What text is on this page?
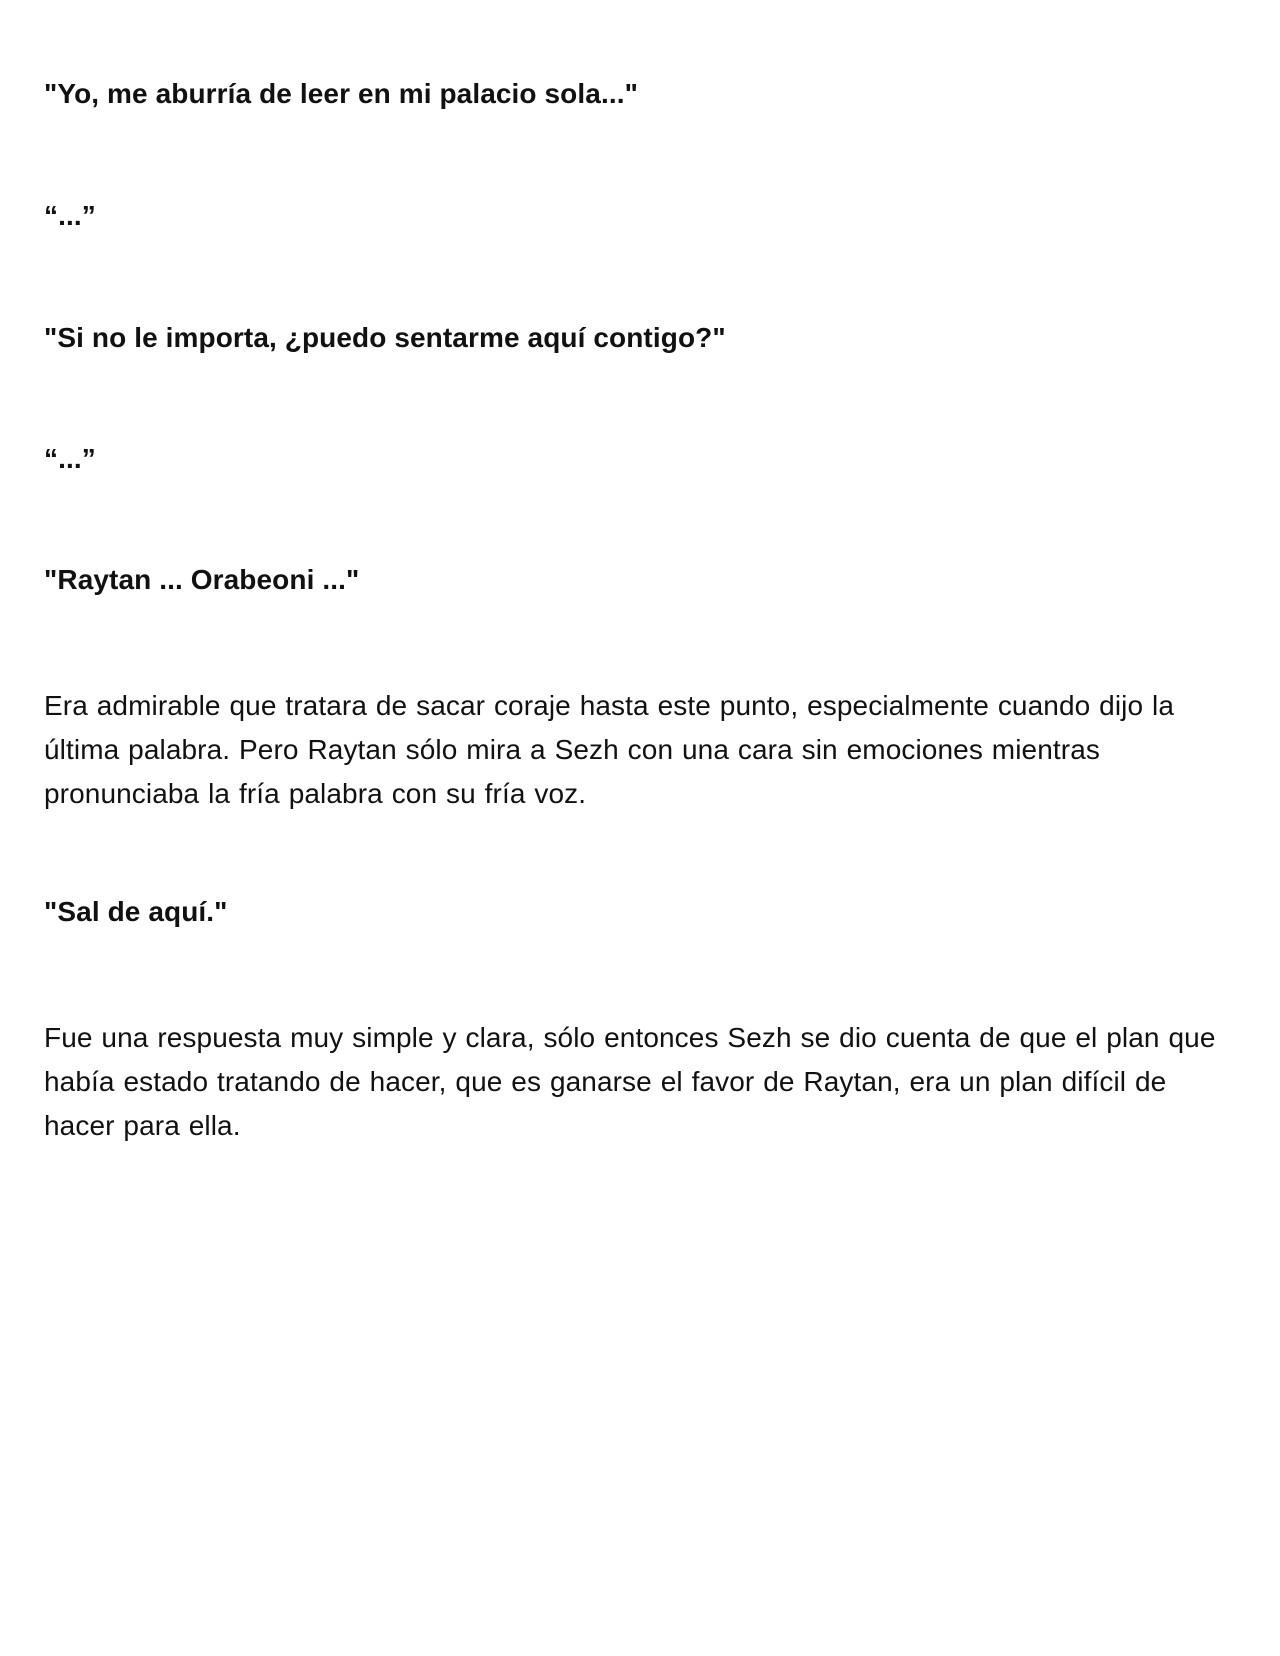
"Yo, me aburría de leer en mi palacio sola..."

“...”

"Si no le importa, ¿puedo sentarme aquí contigo?"

“...”

"Raytan ... Orabeoni ..."

Era admirable que tratara de sacar coraje hasta este punto, especialmente cuando dijo la última palabra. Pero Raytan sólo mira a Sezh con una cara sin emociones mientras pronunciaba la fría palabra con su fría voz.

"Sal de aquí."

Fue una respuesta muy simple y clara, sólo entonces Sezh se dio cuenta de que el plan que había estado tratando de hacer, que es ganarse el favor de Raytan, era un plan difícil de hacer para ella.
